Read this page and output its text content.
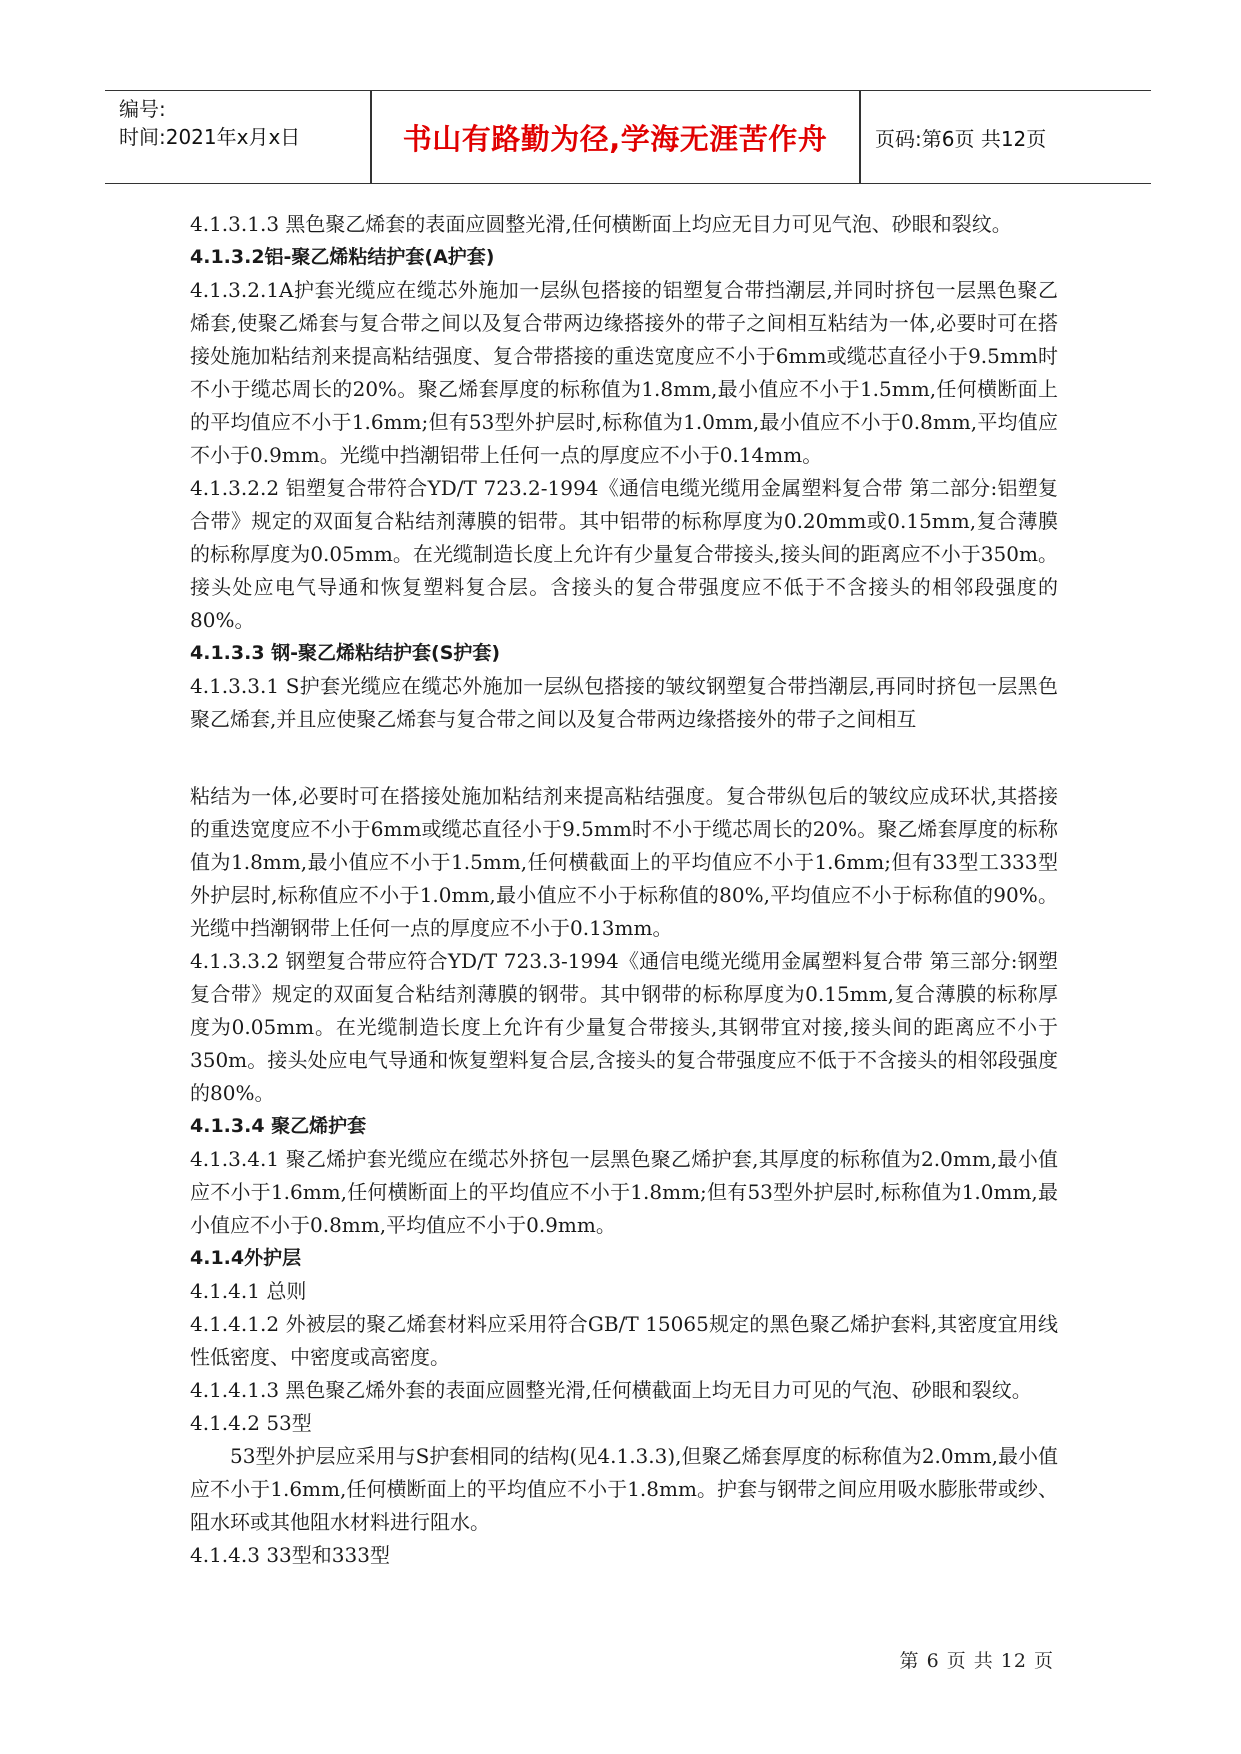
编号:
时间:2021年x月x日	书山有路勤为径,学海无涯苦作舟	页码:第6页 共12页

4.1.3.1.3 黑色聚乙烯套的表面应圆整光滑,任何横断面上均应无目力可见气泡、砂眼和裂纹。

4.1.3.2铝-聚乙烯粘结护套(A护套)

4.1.3.2.1A护套光缆应在缆芯外施加一层纵包搭接的铝塑复合带挡潮层,并同时挤包一层黑色聚乙烯套,使聚乙烯套与复合带之间以及复合带两边缘搭接外的带子之间相互粘结为一体,必要时可在搭接处施加粘结剂来提高粘结强度、复合带搭接的重迭宽度应不小于6mm或缆芯直径小于9.5mm时不小于缆芯周长的20%。聚乙烯套厚度的标称值为1.8mm,最小值应不小于1.5mm,任何横断面上的平均值应不小于1.6mm;但有53型外护层时,标称值为1.0mm,最小值应不小于0.8mm,平均值应不小于0.9mm。光缆中挡潮铝带上任何一点的厚度应不小于0.14mm。

4.1.3.2.2 铝塑复合带符合YD/T 723.2-1994《通信电缆光缆用金属塑料复合带 第二部分:铝塑复合带》规定的双面复合粘结剂薄膜的铝带。其中铝带的标称厚度为0.20mm或0.15mm,复合薄膜的标称厚度为0.05mm。在光缆制造长度上允许有少量复合带接头,接头间的距离应不小于350m。接头处应电气导通和恢复塑料复合层。含接头的复合带强度应不低于不含接头的相邻段强度的80%。

4.1.3.3 钢-聚乙烯粘结护套(S护套)

4.1.3.3.1 S护套光缆应在缆芯外施加一层纵包搭接的皱纹钢塑复合带挡潮层,再同时挤包一层黑色聚乙烯套,并且应使聚乙烯套与复合带之间以及复合带两边缘搭接外的带子之间相互

粘结为一体,必要时可在搭接处施加粘结剂来提高粘结强度。复合带纵包后的皱纹应成环状,其搭接的重迭宽度应不小于6mm或缆芯直径小于9.5mm时不小于缆芯周长的20%。聚乙烯套厚度的标称值为1.8mm,最小值应不小于1.5mm,任何横截面上的平均值应不小于1.6mm;但有33型工333型外护层时,标称值应不小于1.0mm,最小值应不小于标称值的80%,平均值应不小于标称值的90%。光缆中挡潮钢带上任何一点的厚度应不小于0.13mm。

4.1.3.3.2 钢塑复合带应符合YD/T 723.3-1994《通信电缆光缆用金属塑料复合带 第三部分:钢塑复合带》规定的双面复合粘结剂薄膜的钢带。其中钢带的标称厚度为0.15mm,复合薄膜的标称厚度为0.05mm。在光缆制造长度上允许有少量复合带接头,其钢带宜对接,接头间的距离应不小于350m。接头处应电气导通和恢复塑料复合层,含接头的复合带强度应不低于不含接头的相邻段强度的80%。

4.1.3.4 聚乙烯护套

4.1.3.4.1 聚乙烯护套光缆应在缆芯外挤包一层黑色聚乙烯护套,其厚度的标称值为2.0mm,最小值应不小于1.6mm,任何横断面上的平均值应不小于1.8mm;但有53型外护层时,标称值为1.0mm,最小值应不小于0.8mm,平均值应不小于0.9mm。

4.1.4外护层

4.1.4.1 总则

4.1.4.1.2 外被层的聚乙烯套材料应采用符合GB/T 15065规定的黑色聚乙烯护套料,其密度宜用线性低密度、中密度或高密度。

4.1.4.1.3 黑色聚乙烯外套的表面应圆整光滑,任何横截面上均无目力可见的气泡、砂眼和裂纹。

4.1.4.2 53型

53型外护层应采用与S护套相同的结构(见4.1.3.3),但聚乙烯套厚度的标称值为2.0mm,最小值应不小于1.6mm,任何横断面上的平均值应不小于1.8mm。护套与钢带之间应用吸水膨胀带或纱、阻水环或其他阻水材料进行阻水。

4.1.4.3 33型和333型

第 6 页 共 12 页
